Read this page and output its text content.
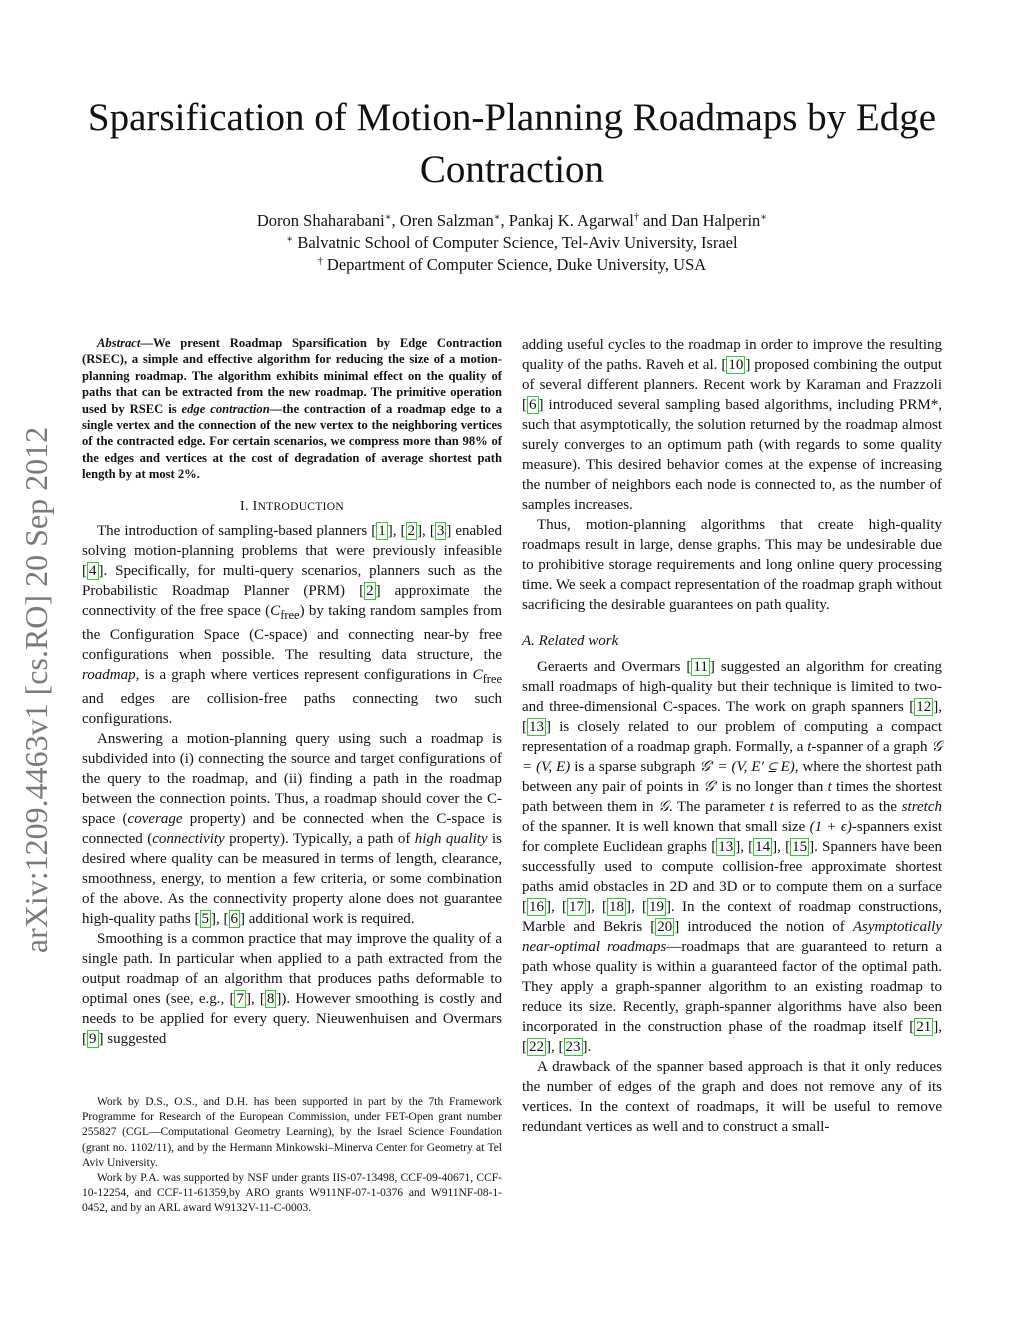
Sparsification of Motion-Planning Roadmaps by Edge Contraction
Doron Shaharabani∗, Oren Salzman∗, Pankaj K. Agarwal† and Dan Halperin∗
∗ Balvatnic School of Computer Science, Tel-Aviv University, Israel
† Department of Computer Science, Duke University, USA
arXiv:1209.4463v1 [cs.RO] 20 Sep 2012

Abstract—We present Roadmap Sparsification by Edge Contraction (RSEC), a simple and effective algorithm for reducing the size of a motion-planning roadmap. The algorithm exhibits minimal effect on the quality of paths that can be extracted from the new roadmap. The primitive operation used by RSEC is edge contraction—the contraction of a roadmap edge to a single vertex and the connection of the new vertex to the neighboring vertices of the contracted edge. For certain scenarios, we compress more than 98% of the edges and vertices at the cost of degradation of average shortest path length by at most 2%.

I. INTRODUCTION

The introduction of sampling-based planners [ 1 ], [ 2 ], [ 3 ] enabled solving motion-planning problems that were previously infeasible [ 4 ]. Specifically, for multi-query scenarios, planners such as the Probabilistic Roadmap Planner (PRM) [ 2 ] approximate the connectivity of the free space $(C_{free})$ by taking random samples from the Configuration Space (C-space) and connecting near-by free configurations when possible. The resulting data structure, the roadmap, is a graph where vertices represent configurations in $C_{free}$ and edges are collision-free paths connecting two such configurations.

Answering a motion-planning query using such a roadmap is subdivided into (i) connecting the source and target configurations of the query to the roadmap, and (ii) finding a path in the roadmap between the connection points. Thus, a roadmap should cover the C-space (coverage property) and be connected when the C-space is connected (connectivity property). Typically, a path of high quality is desired where quality can be measured in terms of length, clearance, smoothness, energy, to mention a few criteria, or some combination of the above. As the connectivity property alone does not guarantee high-quality paths [ 5 ], [ 6 ] additional work is required.

Smoothing is a common practice that may improve the quality of a single path. In particular when applied to a path extracted from the output roadmap of an algorithm that produces paths deformable to optimal ones (see, e.g., [ 7 ], [ 8 ]). However smoothing is costly and needs to be applied for every query. Nieuwenhuisen and Overmars [ 9 ] suggested

Work by D.S., O.S., and D.H. has been supported in part by the 7th Framework Programme for Research of the European Commission, under FET-Open grant number 255827 (CGL—Computational Geometry Learning), by the Israel Science Foundation (grant no. 1102/11), and by the Hermann Minkowski–Minerva Center for Geometry at Tel Aviv University.

Work by P.A. was supported by NSF under grants IIS-07-13498, CCF-09-40671, CCF-10-12254, and CCF-11-61359,by ARO grants W911NF-07-1-0376 and W911NF-08-1-0452, and by an ARL award W9132V-11-C-0003.

adding useful cycles to the roadmap in order to improve the resulting quality of the paths. Raveh et al. [ 10 ] proposed combining the output of several different planners. Recent work by Karaman and Frazzoli [ 6 ] introduced several sampling based algorithms, including PRM*, such that asymptotically, the solution returned by the roadmap almost surely converges to an optimum path (with regards to some quality measure). This desired behavior comes at the expense of increasing the number of neighbors each node is connected to, as the number of samples increases.

Thus, motion-planning algorithms that create high-quality roadmaps result in large, dense graphs. This may be undesirable due to prohibitive storage requirements and long online query processing time. We seek a compact representation of the roadmap graph without sacrificing the desirable guarantees on path quality.

A. Related work

Geraerts and Overmars [ 11 ] suggested an algorithm for creating small roadmaps of high-quality but their technique is limited to two- and three-dimensional C-spaces. The work on graph spanners [ 12 ], [ 13 ] is closely related to our problem of computing a compact representation of a roadmap graph. Formally, a t-spanner of a graph 𝒢 = (V, E) is a sparse subgraph 𝒢′ = (V, E′ ⊆ E), where the shortest path between any pair of points in 𝒢′ is no longer than t times the shortest path between them in 𝒢. The parameter t is referred to as the stretch of the spanner. It is well known that small size (1 + ϵ)-spanners exist for complete Euclidean graphs [ 13 ], [ 14 ], [ 15 ]. Spanners have been successfully used to compute collision-free approximate shortest paths amid obstacles in 2D and 3D or to compute them on a surface [ 16 ], [ 17 ], [ 18 ], [ 19 ]. In the context of roadmap constructions, Marble and Bekris [ 20 ] introduced the notion of Asymptotically near-optimal roadmaps—roadmaps that are guaranteed to return a path whose quality is within a guaranteed factor of the optimal path. They apply a graph-spanner algorithm to an existing roadmap to reduce its size. Recently, graph-spanner algorithms have also been incorporated in the construction phase of the roadmap itself [ 21 ], [ 22 ], [ 23 ].

A drawback of the spanner based approach is that it only reduces the number of edges of the graph and does not remove any of its vertices. In the context of roadmaps, it will be useful to remove redundant vertices as well and to construct a small-
